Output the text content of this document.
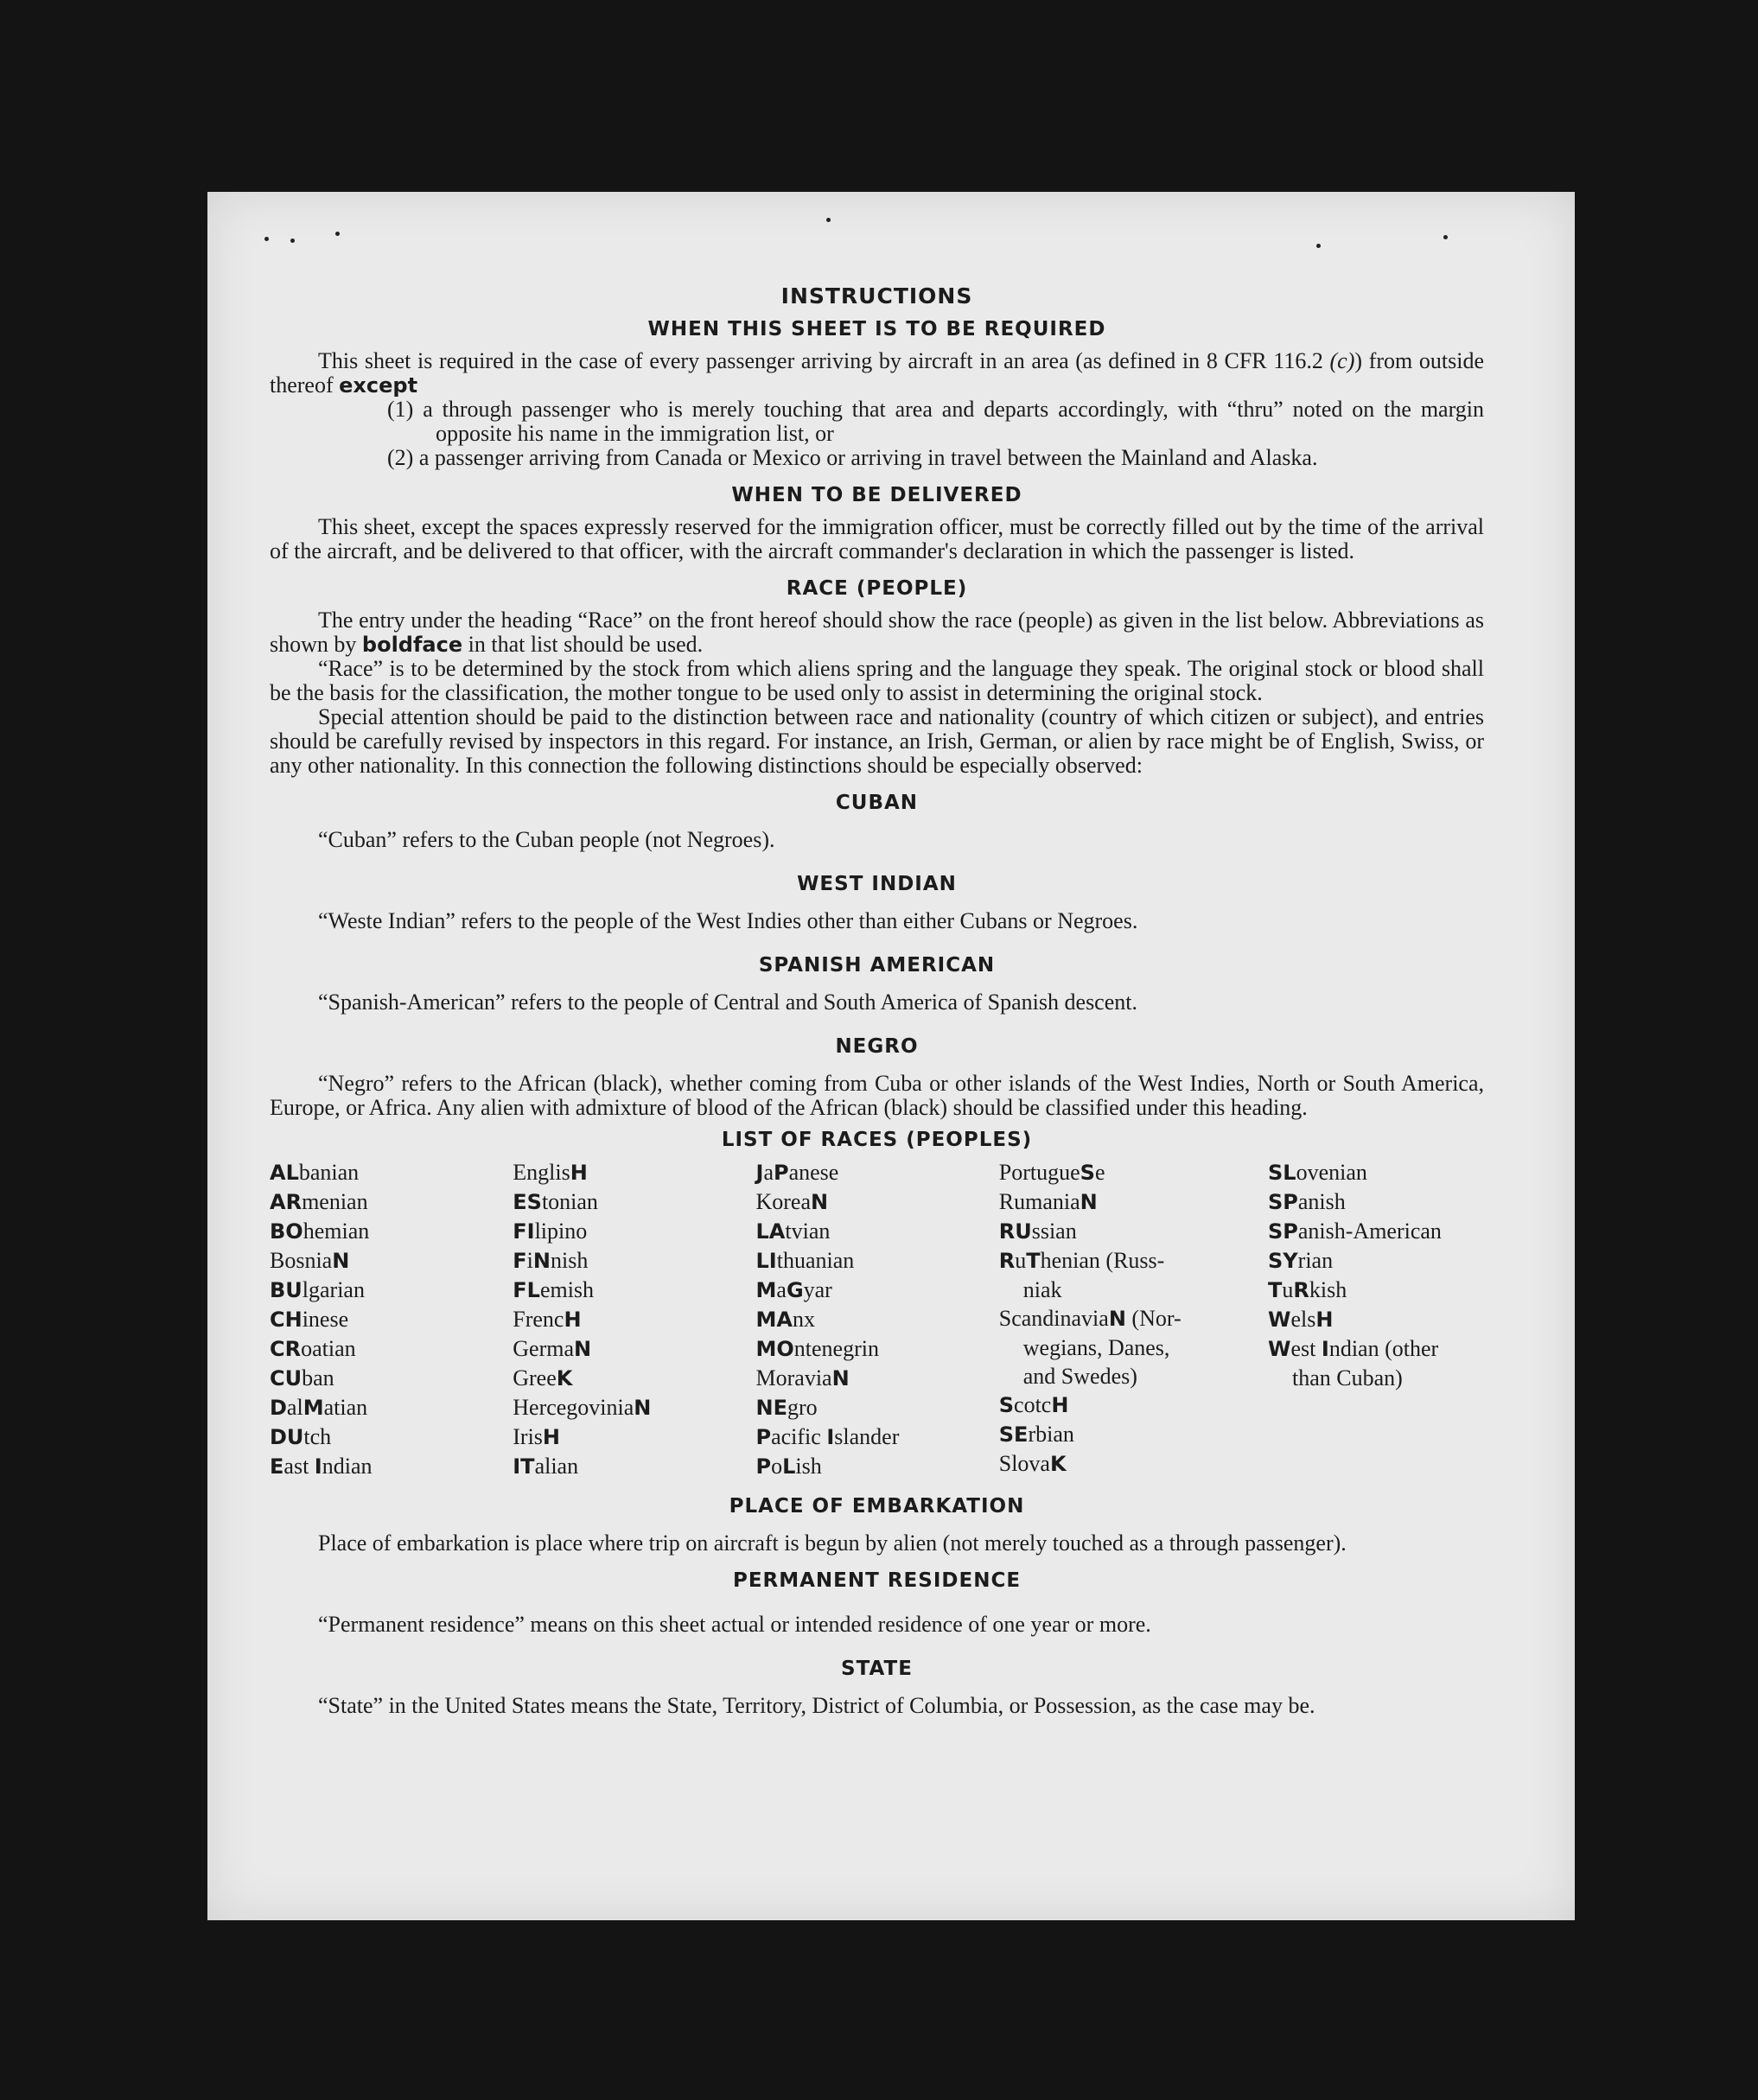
INSTRUCTIONS
WHEN THIS SHEET IS TO BE REQUIRED

This sheet is required in the case of every passenger arriving by aircraft in an area (as defined in 8 CFR 116.2 (c)) from outside thereof except

(1) a through passenger who is merely touching that area and departs accordingly, with “thru” noted on the margin opposite his name in the immigration list, or

(2) a passenger arriving from Canada or Mexico or arriving in travel between the Mainland and Alaska.

WHEN TO BE DELIVERED

This sheet, except the spaces expressly reserved for the immigration officer, must be correctly filled out by the time of the arrival of the aircraft, and be delivered to that officer, with the aircraft commander's declaration in which the passenger is listed.

RACE (PEOPLE)

The entry under the heading “Race” on the front hereof should show the race (people) as given in the list below. Abbreviations as shown by boldface in that list should be used.

“Race” is to be determined by the stock from which aliens spring and the language they speak. The original stock or blood shall be the basis for the classification, the mother tongue to be used only to assist in determining the original stock.

Special attention should be paid to the distinction between race and nationality (country of which citizen or subject), and entries should be carefully revised by inspectors in this regard. For instance, an Irish, German, or alien by race might be of English, Swiss, or any other nationality. In this connection the following distinctions should be especially observed:

CUBAN

“Cuban” refers to the Cuban people (not Negroes).

WEST INDIAN

“Weste Indian” refers to the people of the West Indies other than either Cubans or Negroes.

SPANISH AMERICAN

“Spanish-American” refers to the people of Central and South America of Spanish descent.

NEGRO

“Negro” refers to the African (black), whether coming from Cuba or other islands of the West Indies, North or South America, Europe, or Africa. Any alien with admixture of blood of the African (black) should be classified under this heading.

LIST OF RACES (PEOPLES)
ALbanian
ARmenian
BOhemian
BosniaN
BUlgarian
CHinese
CRoatian
CUban
DalMatian
DUtch
East Indian
EnglisH
EStonian
FIlipino
FiNnish
FLemish
FrencH
GermaN
GreeK
HercegoviniaN
IrisH
ITalian
JaPanese
KoreaN
LAtvian
LIthuanian
MaGyar
MAnx
MOntenegrin
MoraviaN
NEgro
Pacific Islander
PoLish
PortugueSe
RumaniaN
RUssian
RuThenian (Russ-
niak
ScandinaviaN (Nor-
wegians, Danes,
and Swedes)
ScotcH
SErbian
SlovaK
SLovenian
SPanish
SPanish-American
SYrian
TuRkish
WelsH
West Indian (other
than Cuban)
PLACE OF EMBARKATION

Place of embarkation is place where trip on aircraft is begun by alien (not merely touched as a through passenger).

PERMANENT RESIDENCE

“Permanent residence” means on this sheet actual or intended residence of one year or more.

STATE

“State” in the United States means the State, Territory, District of Columbia, or Possession, as the case may be.
